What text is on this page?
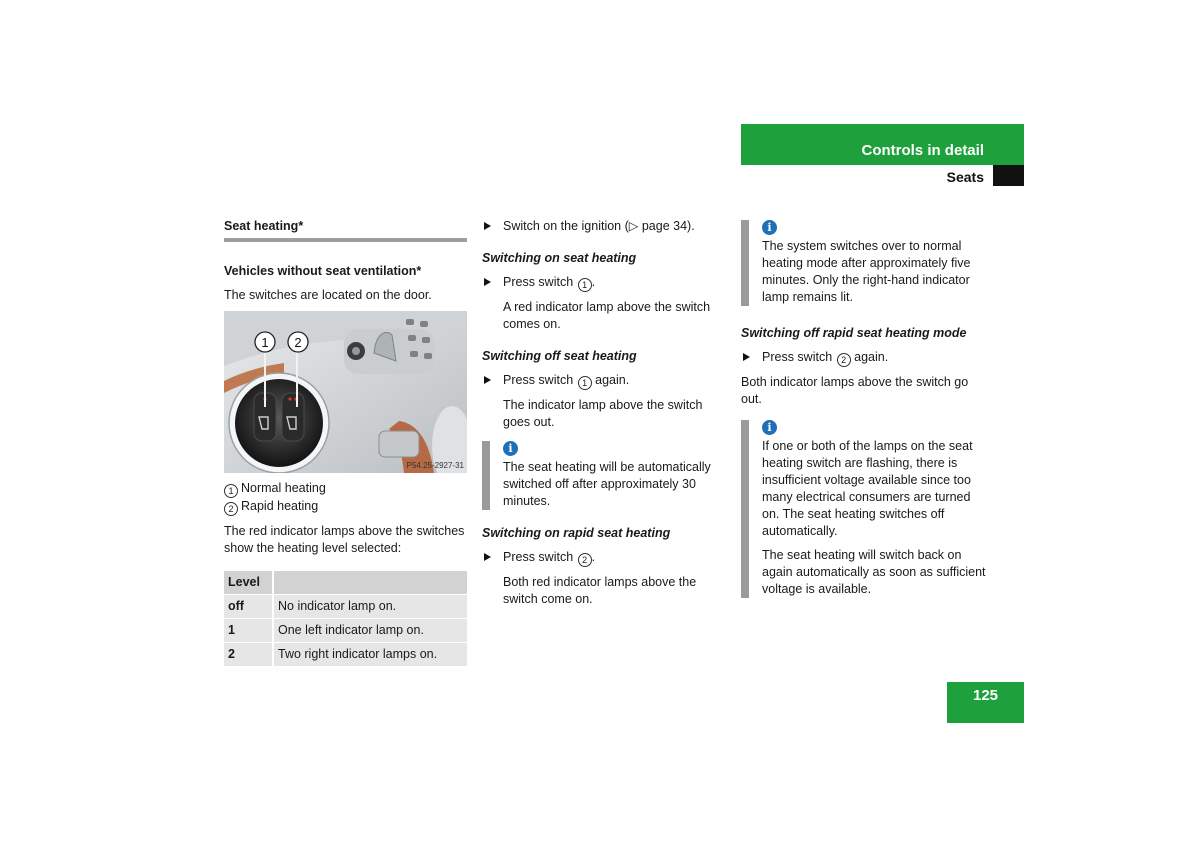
Controls in detail
Seats
Seat heating*

Vehicles without seat ventilation*

The switches are located on the door.

1 2
P54.25-2927-31

1 Normal heating

2 Rapid heating

The red indicator lamps above the switches show the heating level selected:

Level	
off	No indicator lamp on.
1	One left indicator lamp on.
2	Two right indicator lamps on.
Switch on the ignition (▷ page 34).

Switching on seat heating

Press switch 1 .

A red indicator lamp above the switch comes on.

Switching off seat heating

Press switch 1 again.

The indicator lamp above the switch goes out.

i

The seat heating will be automatically switched off after approximately 30 minutes.

Switching on rapid seat heating

Press switch 2 .

Both red indicator lamps above the switch come on.

i

The system switches over to normal heating mode after approximately five minutes. Only the right-hand indicator lamp remains lit.

Switching off rapid seat heating mode

Press switch 2 again.

Both indicator lamps above the switch go out.

i

If one or both of the lamps on the seat heating switch are flashing, there is insufficient voltage available since too many electrical consumers are turned on. The seat heating switches off automatically.

The seat heating will switch back on again automatically as soon as sufficient voltage is available.

125
